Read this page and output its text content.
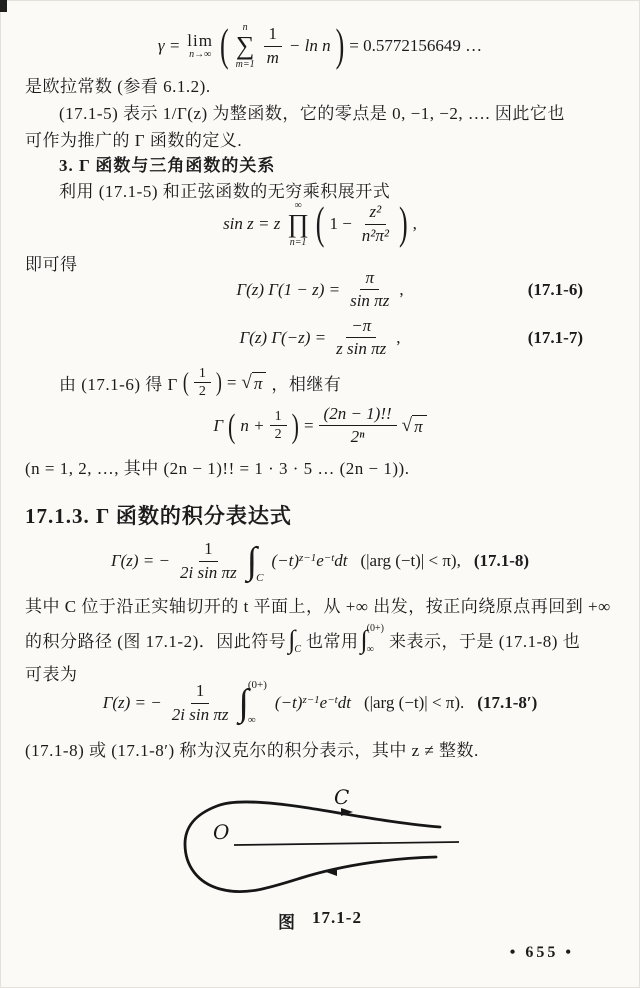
γ = lim
n→∞ ( n
∑
$m=1 \frac{1}{m} - \ln n$ ) = 0.5772156649 …
是欧拉常数 (参看 6.1.2).
(17.1-5) 表示 1/Γ(z) 为整函数，它的零点是 0, −1, −2, …. 因此它也
可作为推广的 Γ 函数的定义.
3. Γ 函数与三角函数的关系
利用 (17.1-5) 和正弦函数的无穷乘积展开式
sin z = z
∞
∏
n=1 ( $1 - \frac{\text{z²}}{\text{n²π²}}$ ) ,
即可得
Γ(z) $\Gamma(1 - z) = \frac{\pi}{\text{sin πz}}$ ,	(17.1-6)
Γ(z) $\Gamma(-z) = \frac{-\pi}{\text{z sin πz}}$ ,	(17.1-7)
由 (17.1-6) 得 Γ ( $\frac{1}{2}$ ) = √ π ，相继有
Γ ( $n + \frac{1}{2}$ ) = $\frac{(2n - 1)!!}{\text{2ⁿ}}$ √ π
(n = 1, 2, …, 其中 (2n − 1)!! = 1 · 3 · 5 … (2n − 1)).
17.1.3. Γ 函数的积分表达式
Γ(z) = − $\frac{1}{\text{2i sin πz}}$ ∫ C
$(-t)^{z-1}e^{-t}dt$ (|arg (−t)| < π), (17.1-8)
其中 C 位于沿正实轴切开的 t 平面上，从 +∞ 出发，按正向绕原点再回到 +∞
的积分路径 (图 17.1-2)．因此符号 ∫ C 也常用 ∫ (0+)
∞ 来表示，于是 (17.1-8) 也
可表为
Γ(z) = − $\frac{1}{\text{2i sin πz}}$ ∫ (0+)
∞
$(-t)^{z-1}e^{-t}dt$ (|arg (−t)| < π). (17.1-8′)
(17.1-8) 或 (17.1-8′) 称为汉克尔的积分表示，其中 z ≠ 整数.
O
C
图 17.1-2
• 655 •
